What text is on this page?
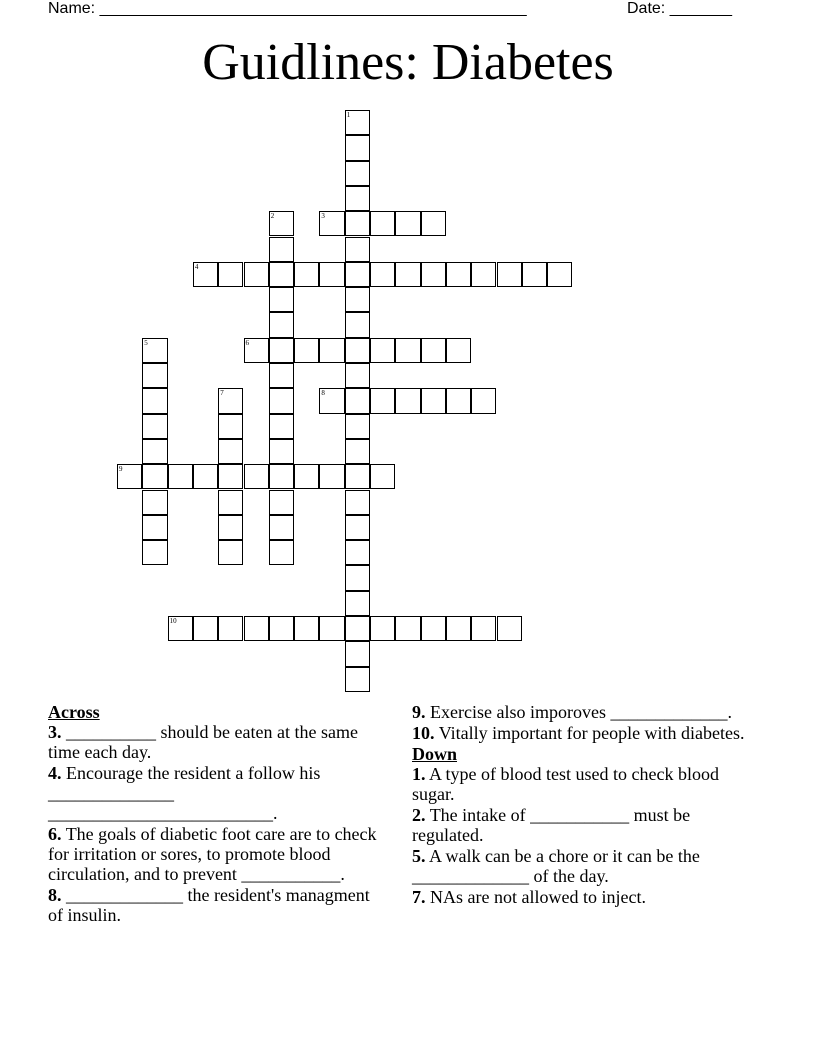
Name: ________________________________________________	Date: _______
Guidlines: Diabetes
1
2	3
4
5	6
7	8
9
10
Across
3. __________ should be eaten at the same time each day.
4. Encourage the resident a follow his ______________ _________________________.
6. The goals of diabetic foot care are to check for irritation or sores, to promote blood circulation, and to prevent ___________.
8. _____________ the resident's managment of insulin.
9. Exercise also imporoves _____________.
10. Vitally important for people with diabetes.
Down
1. A type of blood test used to check blood sugar.
2. The intake of ___________ must be regulated.
5. A walk can be a chore or it can be the _____________ of the day.
7. NAs are not allowed to inject.
